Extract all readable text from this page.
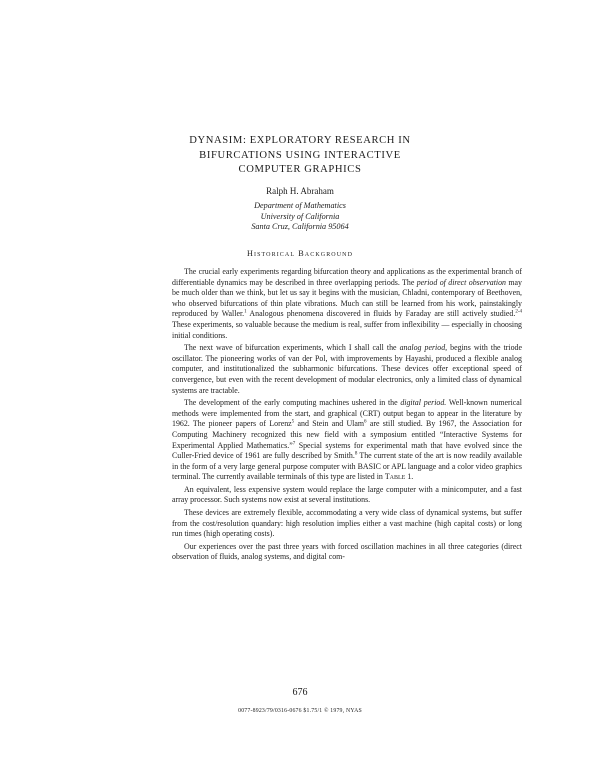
DYNASIM: EXPLORATORY RESEARCH IN
BIFURCATIONS USING INTERACTIVE
COMPUTER GRAPHICS

Ralph H. Abraham

Department of Mathematics
University of California
Santa Cruz, California 95064
Historical Background

The crucial early experiments regarding bifurcation theory and applications as the experimental branch of differentiable dynamics may be described in three overlapping periods. The period of direct observation may be much older than we think, but let us say it begins with the musician, Chladni, contemporary of Beethoven, who observed bifurcations of thin plate vibrations. Much can still be learned from his work, painstakingly reproduced by Waller.$^1$ Analogous phenomena discovered in fluids by Faraday are still actively studied.$^{2-4}$ These experiments, so valuable because the medium is real, suffer from inflexibility — especially in choosing initial conditions.

The next wave of bifurcation experiments, which I shall call the analog period, begins with the triode oscillator. The pioneering works of van der Pol, with improvements by Hayashi, produced a flexible analog computer, and institutionalized the subharmonic bifurcations. These devices offer exceptional speed of convergence, but even with the recent development of modular electronics, only a limited class of dynamical systems are tractable.

The development of the early computing machines ushered in the digital period. Well-known numerical methods were implemented from the start, and graphical (CRT) output began to appear in the literature by 1962. The pioneer papers of Lorenz$^5$ and Stein and Ulam$^6$ are still studied. By 1967, the Association for Computing Machinery recognized this new field with a symposium entitled “Interactive Systems for Experimental Applied Mathematics.”$^7$ Special systems for experimental math that have evolved since the Culler-Fried device of 1961 are fully described by Smith.$^8$ The current state of the art is now readily available in the form of a very large general purpose computer with BASIC or APL language and a color video graphics terminal. The currently available terminals of this type are listed in Table 1.

An equivalent, less expensive system would replace the large computer with a minicomputer, and a fast array processor. Such systems now exist at several institutions.

These devices are extremely flexible, accommodating a very wide class of dynamical systems, but suffer from the cost/resolution quandary: high resolution implies either a vast machine (high capital costs) or long run times (high operating costs).

Our experiences over the past three years with forced oscillation machines in all three categories (direct observation of fluids, analog systems, and digital com-

676
0077-8923/79/0316-0676 $1.75/1 © 1979, NYAS
